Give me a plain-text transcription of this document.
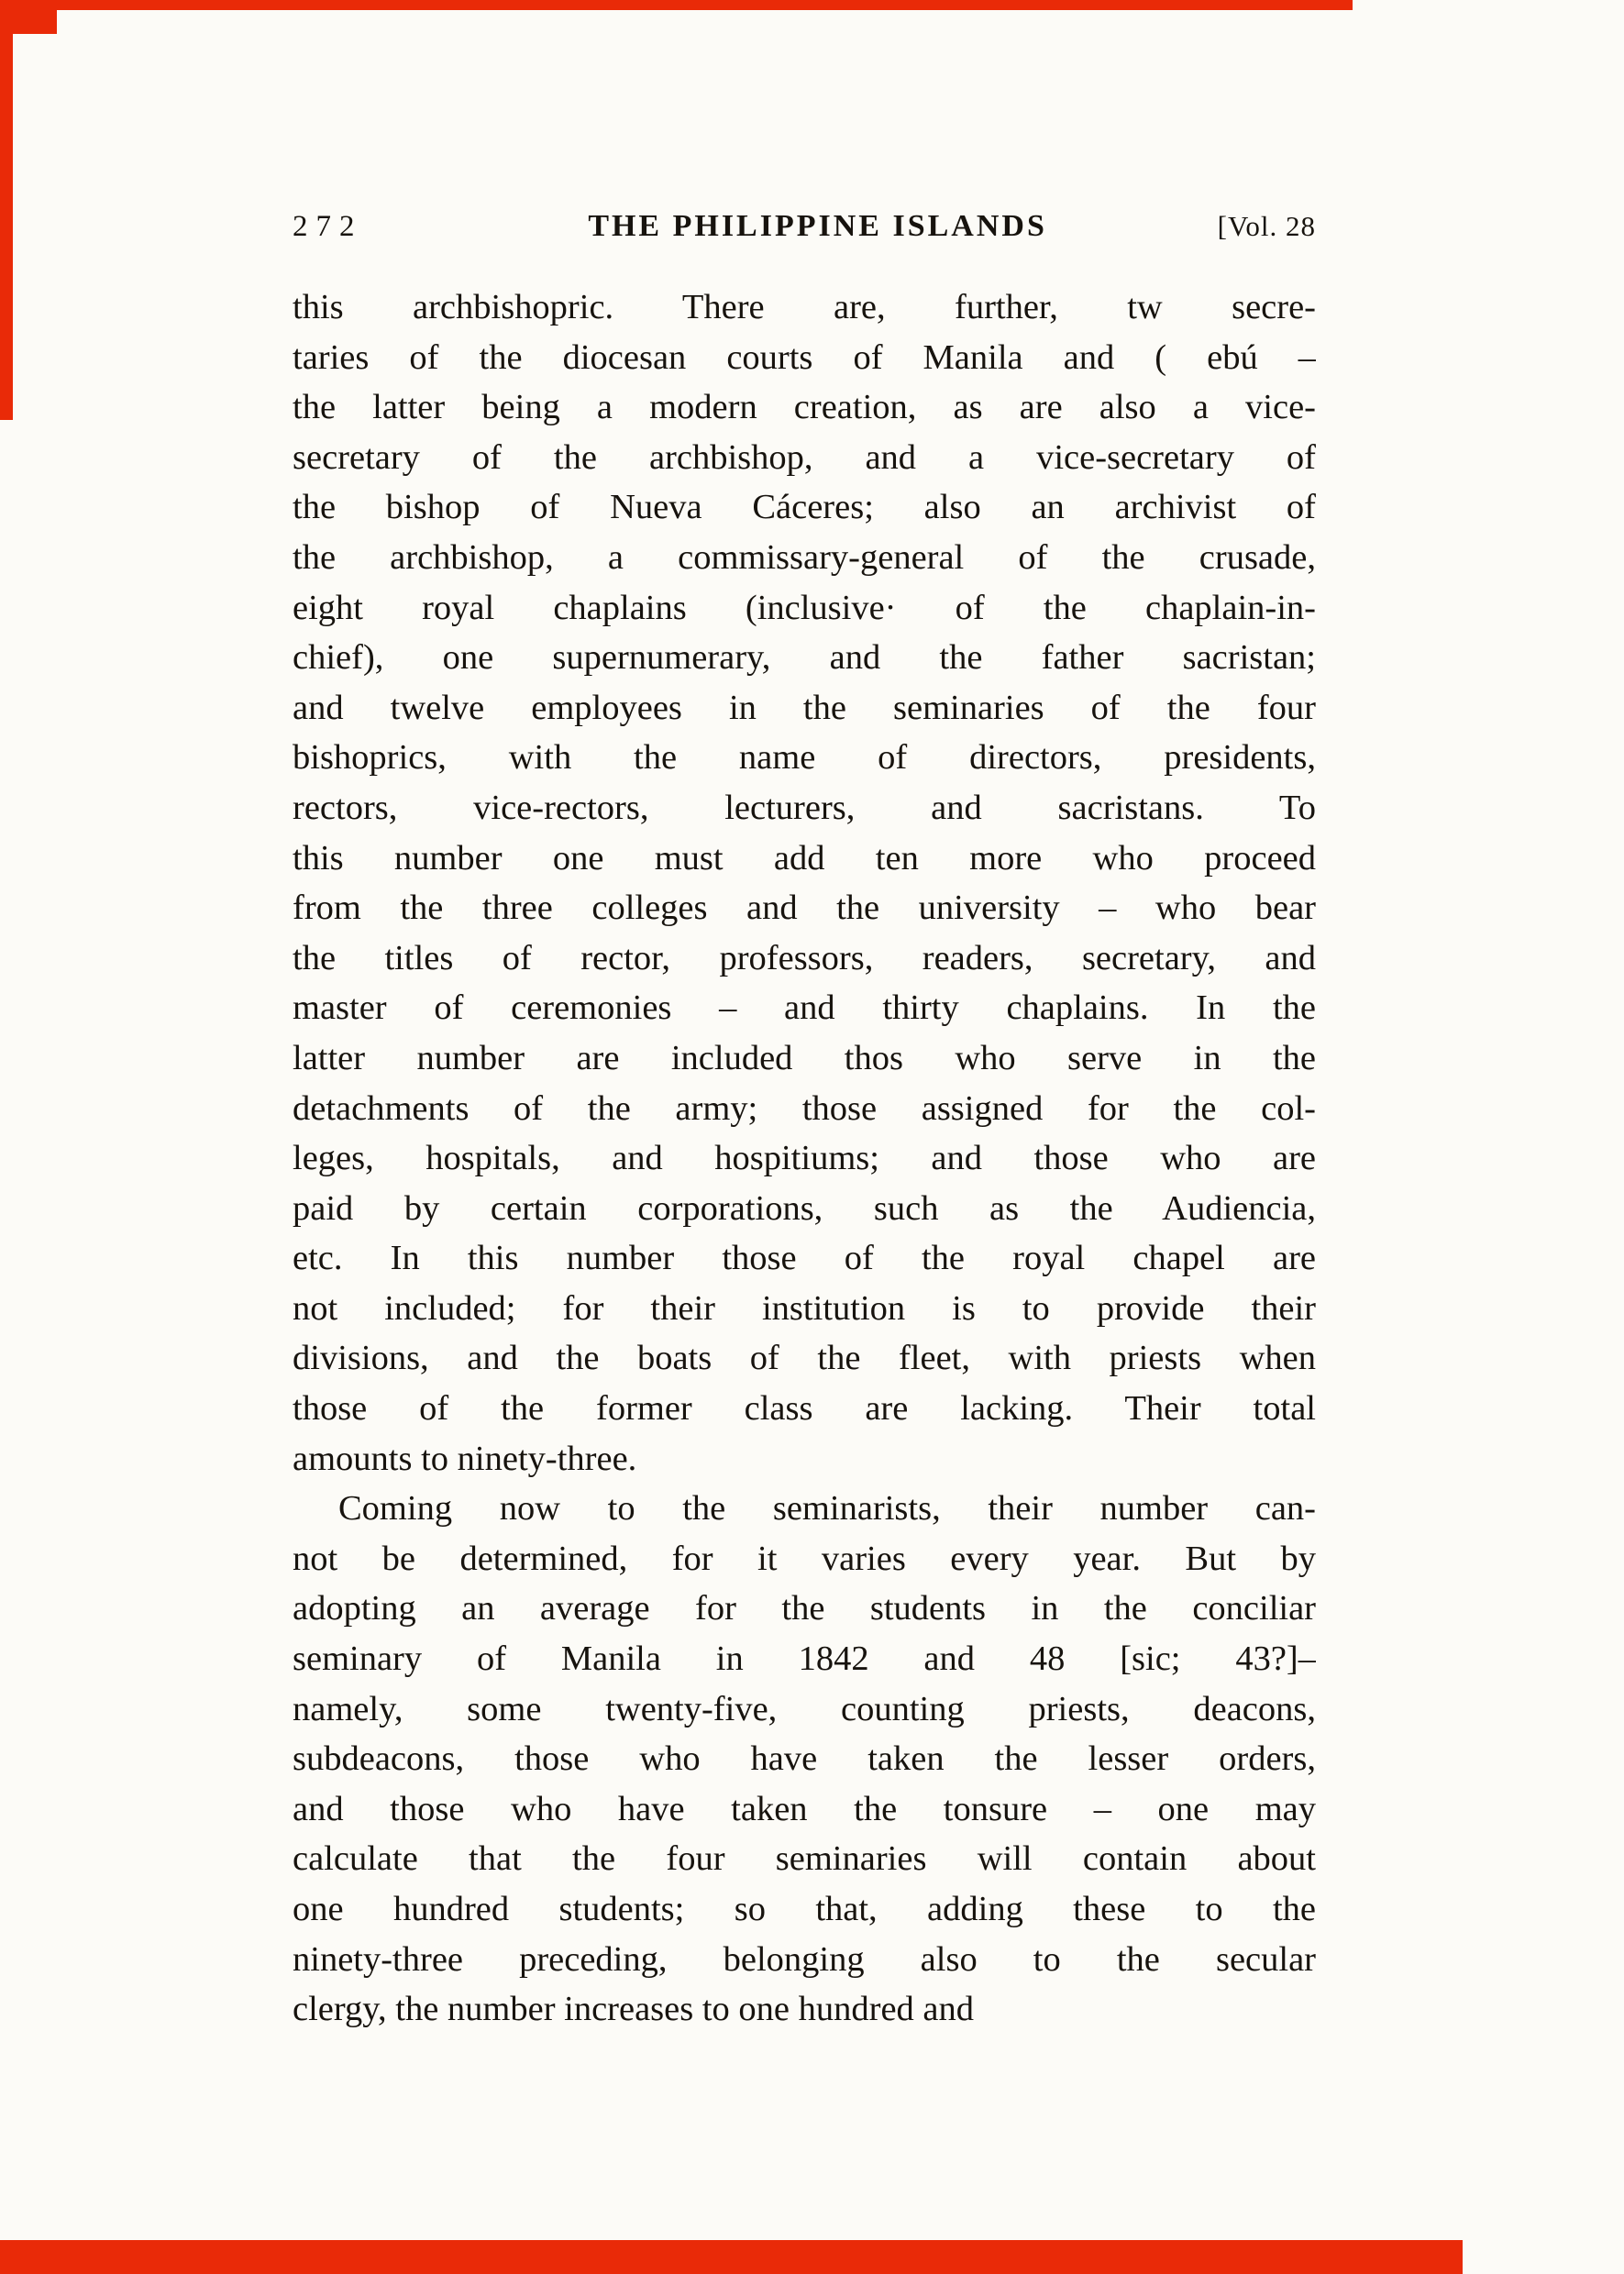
272	THE PHILIPPINE ISLANDS	[Vol. 28
this archbishopric. There are, further, tw secre-
taries of the diocesan courts of Manila and ( ebú –
the latter being a modern creation, as are also a vice-
secretary of the archbishop, and a vice-secretary of
the bishop of Nueva Cáceres; also an archivist of
the archbishop, a commissary-general of the crusade,
eight royal chaplains (inclusive· of the chaplain-in-
chief), one supernumerary, and the father sacristan;
and twelve employees in the seminaries of the four
bishoprics, with the name of directors, presidents,
rectors, vice-rectors, lecturers, and sacristans. To
this number one must add ten more who proceed
from the three colleges and the university – who bear
the titles of rector, professors, readers, secretary, and
master of ceremonies – and thirty chaplains. In the
latter number are included thos who serve in the
detachments of the army; those assigned for the col-
leges, hospitals, and hospitiums; and those who are
paid by certain corporations, such as the Audiencia,
etc. In this number those of the royal chapel are
not included; for their institution is to provide their
divisions, and the boats of the fleet, with priests when
those of the former class are lacking. Their total
amounts to ninety-three.
Coming now to the seminarists, their number can-
not be determined, for it varies every year. But by
adopting an average for the students in the conciliar
seminary of Manila in 1842 and 48 [sic; 43?]–
namely, some twenty-five, counting priests, deacons,
subdeacons, those who have taken the lesser orders,
and those who have taken the tonsure – one may
calculate that the four seminaries will contain about
one hundred students; so that, adding these to the
ninety-three preceding, belonging also to the secular
clergy, the number increases to one hundred and
